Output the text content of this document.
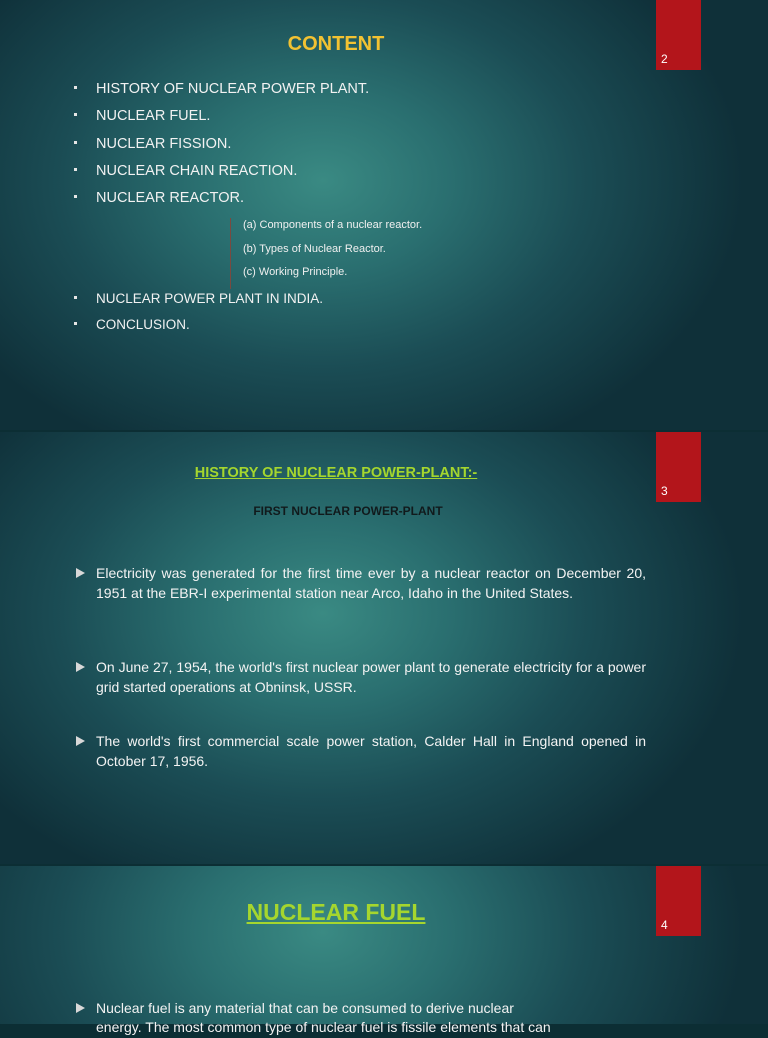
2
CONTENT
HISTORY OF NUCLEAR POWER PLANT.
NUCLEAR FUEL.
NUCLEAR FISSION.
NUCLEAR CHAIN REACTION.
NUCLEAR REACTOR.
(a) Components of a nuclear reactor.
(b) Types of Nuclear Reactor.
(c) Working Principle.
NUCLEAR POWER PLANT IN INDIA.
CONCLUSION.
3
HISTORY OF NUCLEAR POWER-PLANT:-
FIRST NUCLEAR POWER-PLANT
Electricity was generated for the first time ever by a nuclear reactor on December 20, 1951 at the EBR-I experimental station near Arco, Idaho in the United States.
On June 27, 1954, the world's first nuclear power plant to generate electricity for a power grid started operations at Obninsk, USSR.
The world's first commercial scale power station, Calder Hall in England opened in October 17, 1956.
4
NUCLEAR FUEL
Nuclear fuel is any material that can be consumed to derive nuclear
energy. The most common type of nuclear fuel is fissile elements that can
